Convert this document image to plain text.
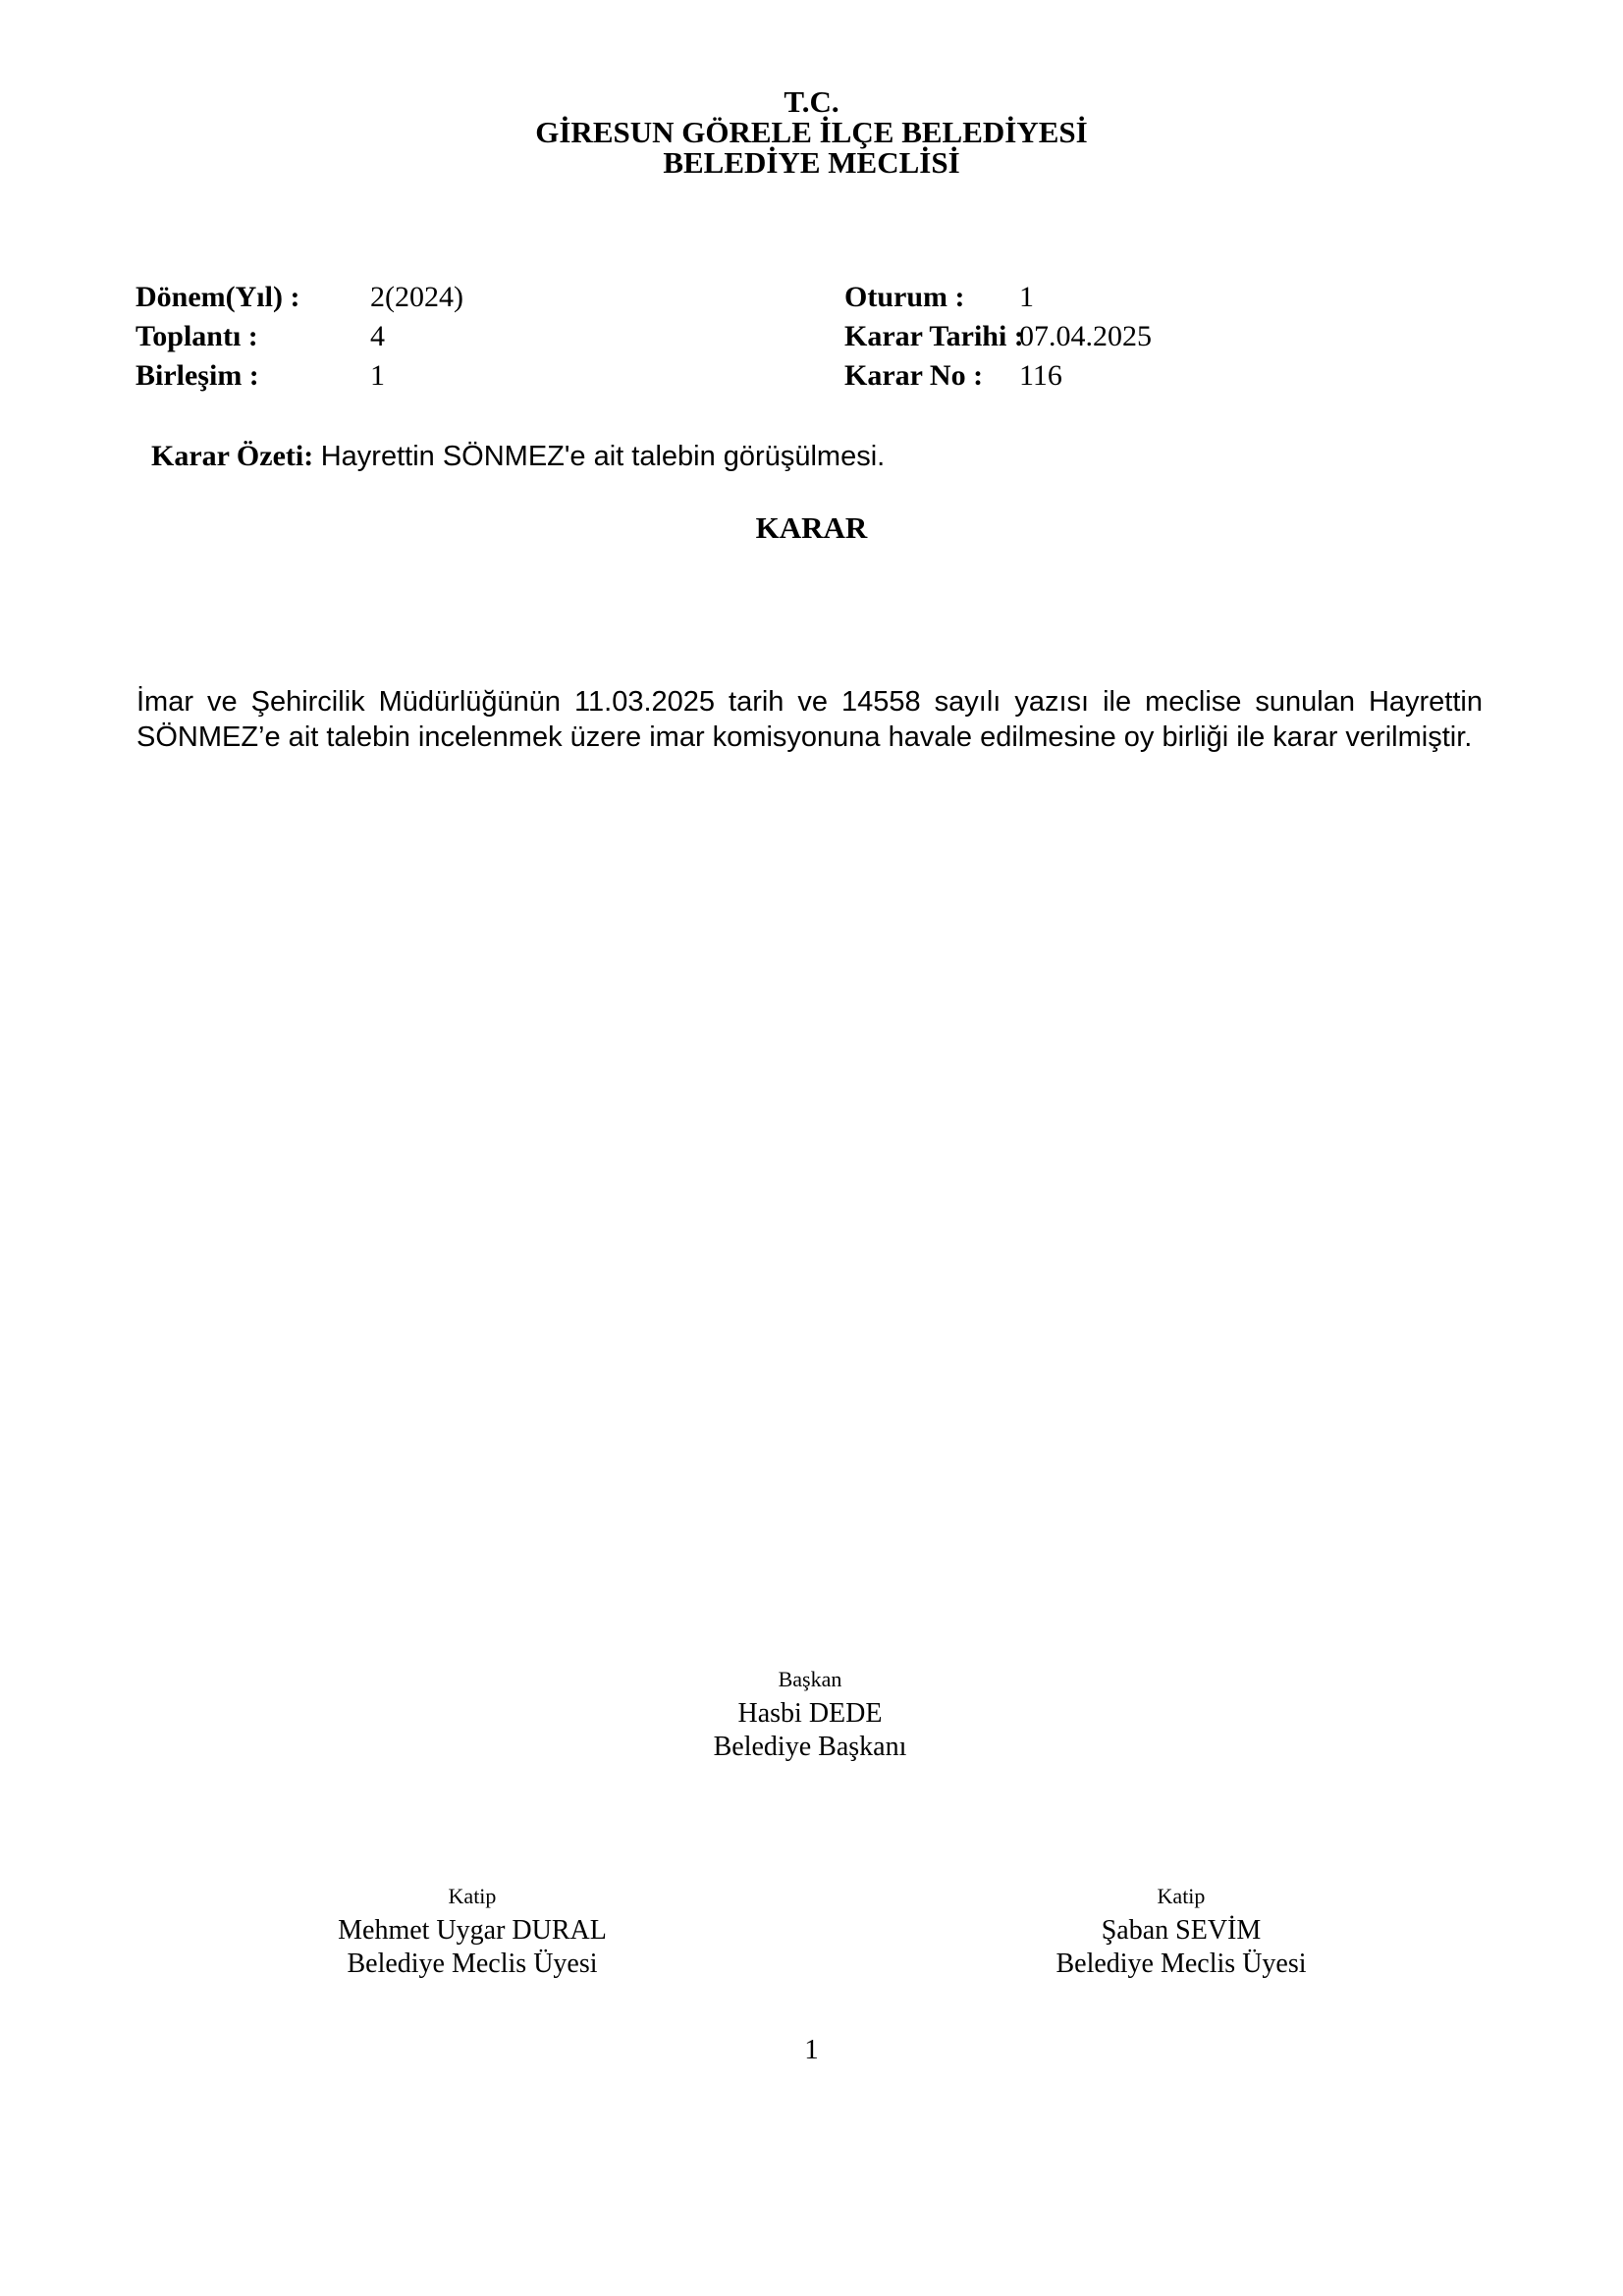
T.C.
GİRESUN GÖRELE İLÇE BELEDİYESİ
BELEDİYE MECLİSİ
Dönem(Yıl) : 2(2024)
Toplantı :	4
Birleşim :	1
Oturum : 1
Karar Tarihi :07.04.2025
Karar No : 116
Karar Özeti: Hayrettin SÖNMEZ'e ait talebin görüşülmesi.
KARAR

İmar ve Şehircilik Müdürlüğünün 11.03.2025 tarih ve 14558 sayılı yazısı ile meclise sunulan Hayrettin SÖNMEZ’e ait talebin incelenmek üzere imar komisyonuna havale edilmesine oy birliği ile karar verilmiştir.

Başkan
Hasbi DEDE
Belediye Başkanı
Katip
Mehmet Uygar DURAL
Belediye Meclis Üyesi
Katip
Şaban SEVİM
Belediye Meclis Üyesi
1
